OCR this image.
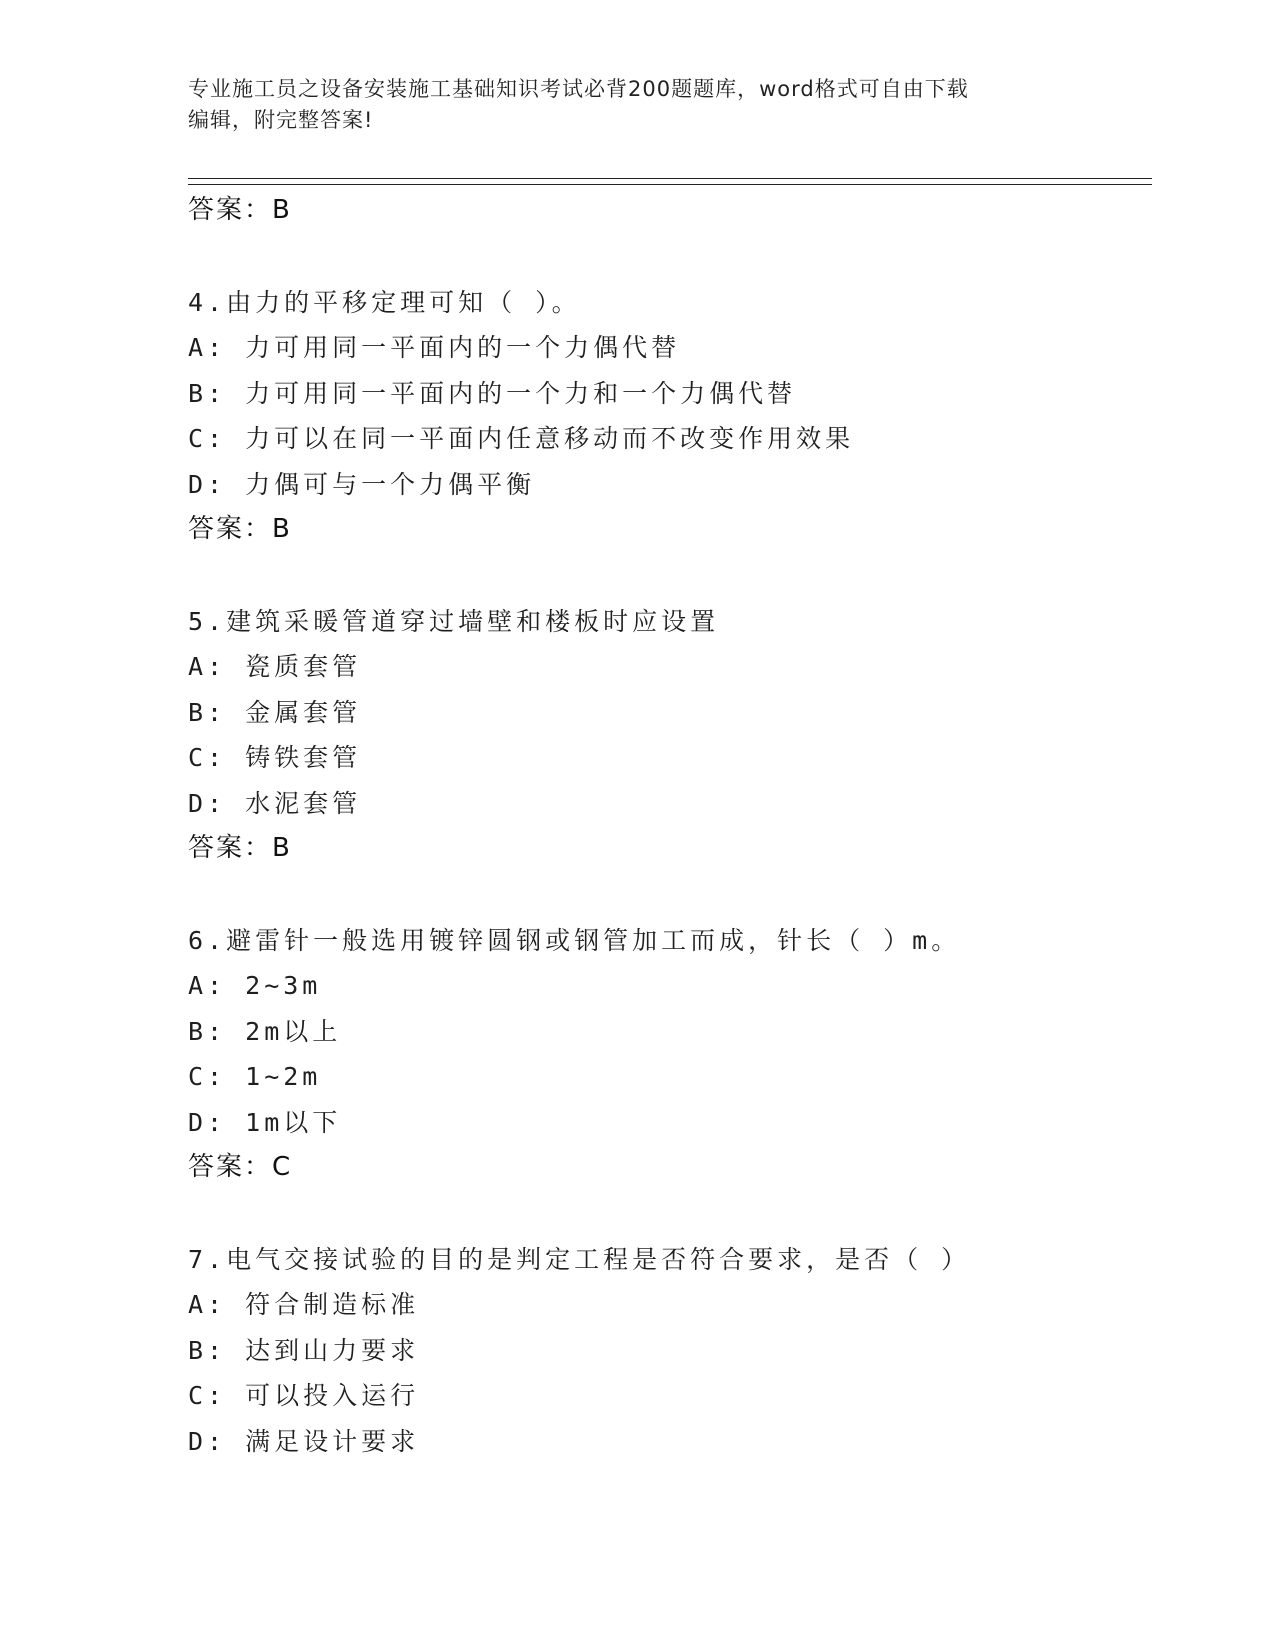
专业施工员之设备安装施工基础知识考试必背200题题库，word格式可自由下载
编辑，附完整答案!
答案：B
4.由力的平移定理可知（ ）。
A: 力可用同一平面内的一个力偶代替
B: 力可用同一平面内的一个力和一个力偶代替
C: 力可以在同一平面内任意移动而不改变作用效果
D: 力偶可与一个力偶平衡
答案：B
5.建筑采暖管道穿过墙壁和楼板时应设置
A: 瓷质套管
B: 金属套管
C: 铸铁套管
D: 水泥套管
答案：B
6.避雷针一般选用镀锌圆钢或钢管加工而成，针长（ ）m。
A: 2~3m
B: 2m以上
C: 1~2m
D: 1m以下
答案：C
7.电气交接试验的目的是判定工程是否符合要求，是否（ ）
A: 符合制造标准
B: 达到山力要求
C: 可以投入运行
D: 满足设计要求
